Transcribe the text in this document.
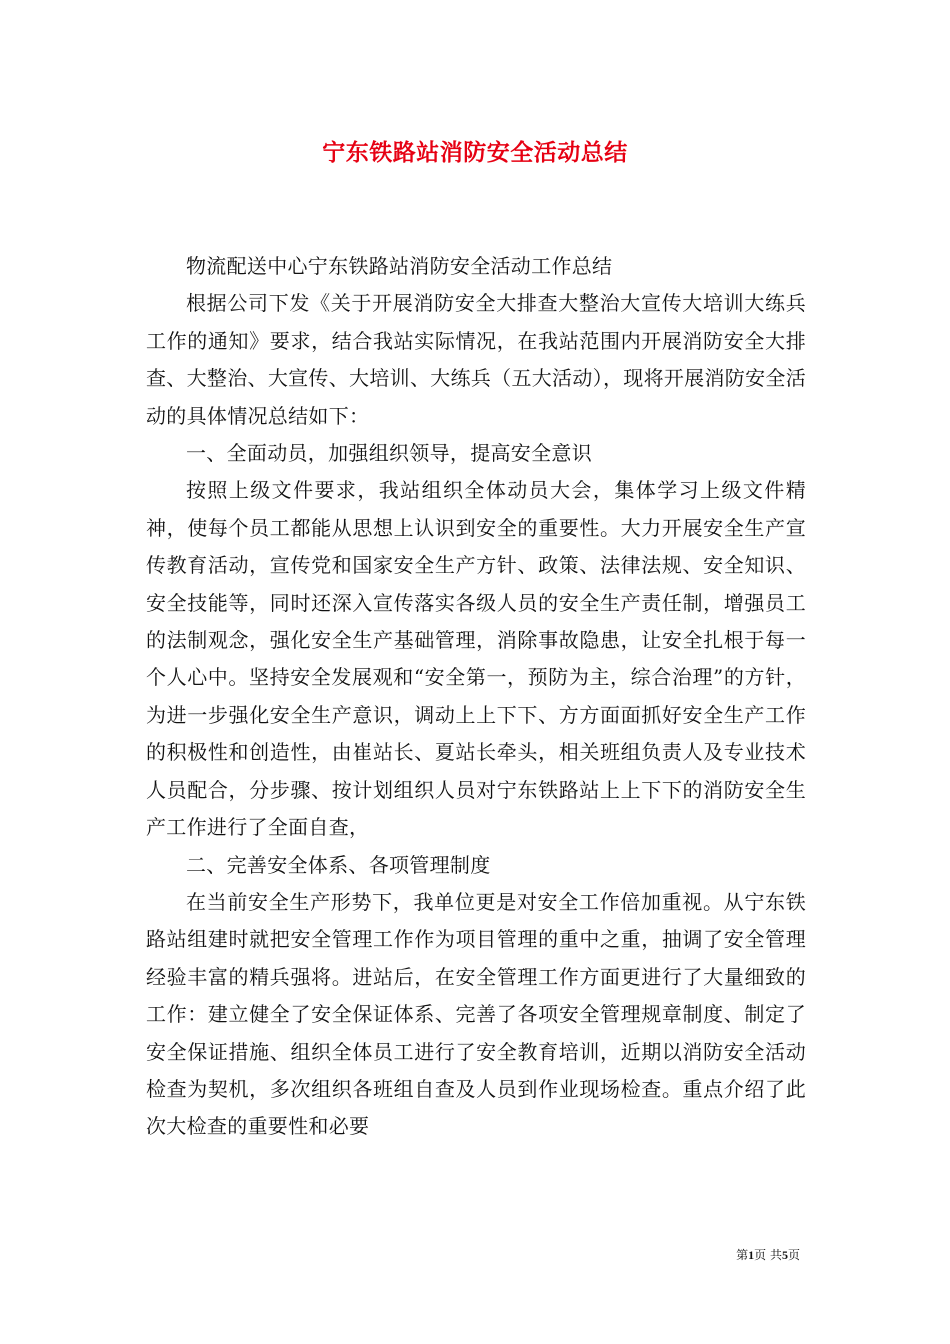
宁东铁路站消防安全活动总结

物流配送中心宁东铁路站消防安全活动工作总结

根据公司下发《关于开展消防安全大排查大整治大宣传大培训大练兵工作的通知》要求，结合我站实际情况，在我站范围内开展消防安全大排查、大整治、大宣传、大培训、大练兵（五大活动），现将开展消防安全活动的具体情况总结如下：

一、全面动员，加强组织领导，提高安全意识

按照上级文件要求，我站组织全体动员大会，集体学习上级文件精神，使每个员工都能从思想上认识到安全的重要性。大力开展安全生产宣传教育活动，宣传党和国家安全生产方针、政策、法律法规、安全知识、安全技能等，同时还深入宣传落实各级人员的安全生产责任制，增强员工的法制观念，强化安全生产基础管理，消除事故隐患，让安全扎根于每一个人心中。坚持安全发展观和“安全第一，预防为主，综合治理”的方针，为进一步强化安全生产意识，调动上上下下、方方面面抓好安全生产工作的积极性和创造性，由崔站长、夏站长牵头，相关班组负责人及专业技术人员配合，分步骤、按计划组织人员对宁东铁路站上上下下的消防安全生产工作进行了全面自查，

二、完善安全体系、各项管理制度

在当前安全生产形势下，我单位更是对安全工作倍加重视。从宁东铁路站组建时就把安全管理工作作为项目管理的重中之重，抽调了安全管理经验丰富的精兵强将。进站后，在安全管理工作方面更进行了大量细致的工作：建立健全了安全保证体系、完善了各项安全管理规章制度、制定了安全保证措施、组织全体员工进行了安全教育培训，近期以消防安全活动检查为契机，多次组织各班组自查及人员到作业现场检查。重点介绍了此次大检查的重要性和必要

第1页 共5页
